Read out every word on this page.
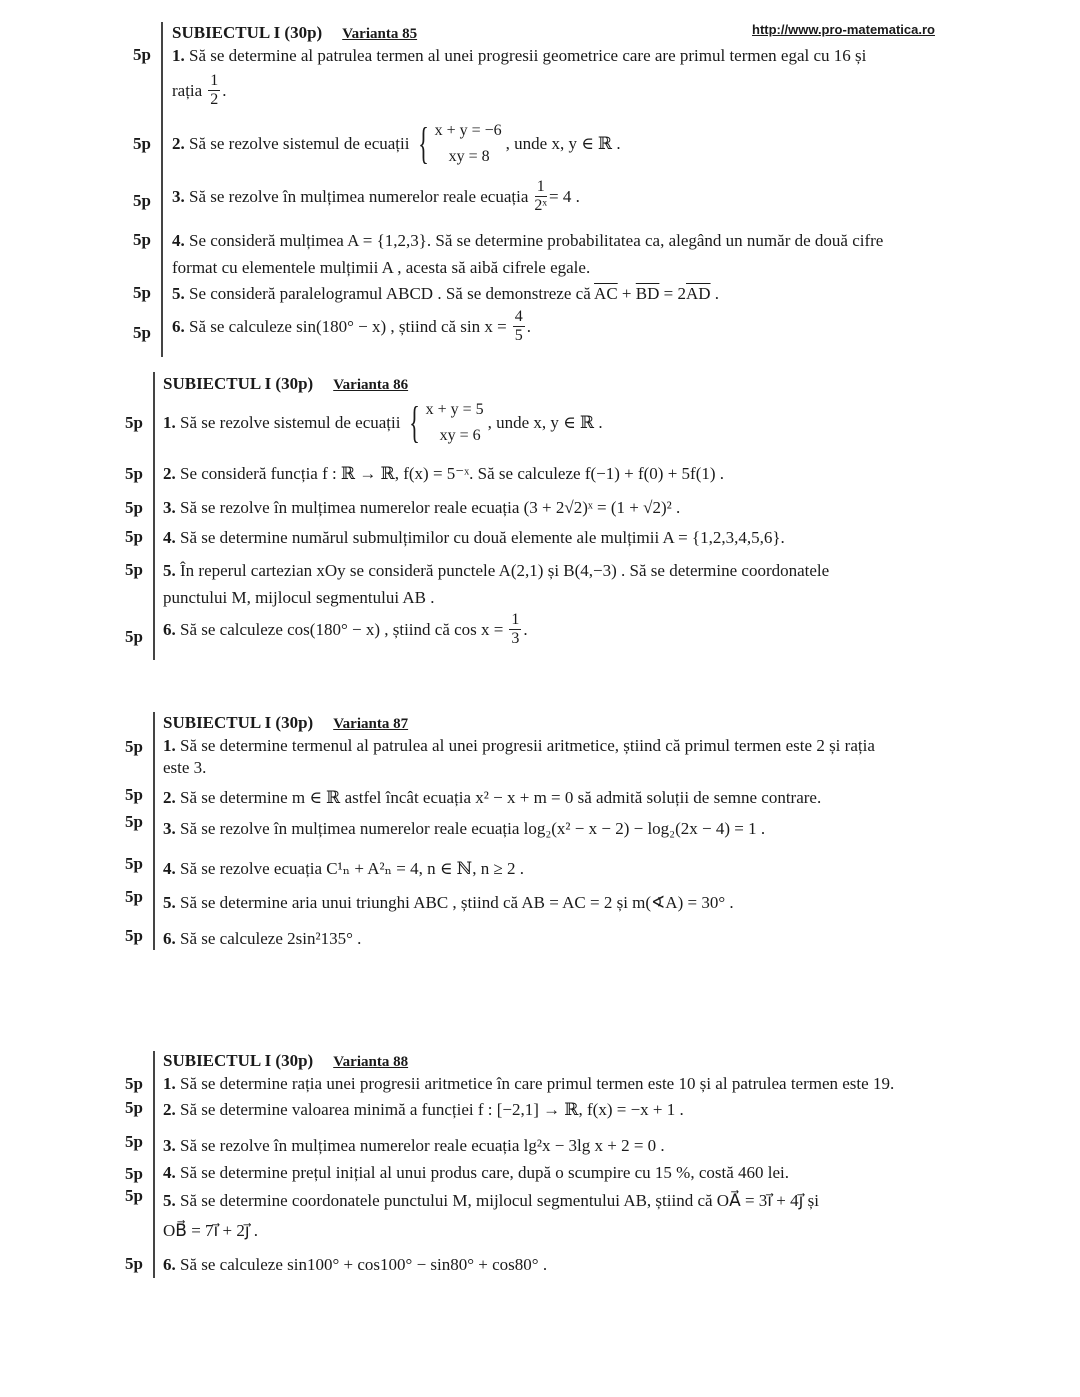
http://www.pro-matematica.ro
SUBIECTUL I (30p) Varianta 85
5p 1. Să se determine al patrulea termen al unei progresii geometrice care are primul termen egal cu 16 și
rația $\frac{1}{2}$ .
5p 2.
Să se rezolve sistemul de ecuații { x + y = −6
xy = 8
, unde x, y ∈ ℝ .
5p 3.
Să se rezolve în mulțimea numerelor reale ecuația $\frac{1}{\text{2ˣ}} = 4$ .
5p 4. Se consideră mulțimea A = {1,2,3}. Să se determine probabilitatea ca, alegând un număr de două cifre
format cu elementele mulțimii A , acesta să aibă cifrele egale.
5p 5. Se consideră paralelogramul ABCD . Să se demonstreze că $\overline{AC} + \overline{BD} = 2\overline{AD}$ .
5p 6.
Să se calculeze sin(180° − x) , știind că $\sin x = \frac{4}{5}$ .
SUBIECTUL I (30p) Varianta 86
5p 1.
Să se rezolve sistemul de ecuații { x + y = 5
xy = 6
, unde x, y ∈ ℝ .
5p 2. Se consideră funcția f : ℝ → ℝ, f(x) = 5⁻ˣ. Să se calculeze f(−1) + f(0) + 5f(1) .
5p 3. Să se rezolve în mulțimea numerelor reale ecuația (3 + 2√2)ˣ = (1 + √2)² .
5p 4. Să se determine numărul submulțimilor cu două elemente ale mulțimii A = {1,2,3,4,5,6}.
5p 5. În reperul cartezian xOy se consideră punctele A(2,1) și B(4,−3) . Să se determine coordonatele
punctului M, mijlocul segmentului AB .
5p 6.
Să se calculeze cos(180° − x) , știind că $\cos x = \frac{1}{3}$ .
SUBIECTUL I (30p) Varianta 87
5p 1. Să se determine termenul al patrulea al unei progresii aritmetice, știind că primul termen este 2 și rația
este 3.
5p 2. Să se determine m ∈ ℝ astfel încât ecuația x² − x + m = 0 să admită soluții de semne contrare.
5p 3. Să se rezolve în mulțimea numerelor reale ecuația log₂(x² − x − 2) − log₂(2x − 4) = 1 .
5p 4. Să se rezolve ecuația C¹ₙ + A²ₙ = 4, n ∈ ℕ, n ≥ 2 .
5p 5. Să se determine aria unui triunghi ABC , știind că AB = AC = 2 și m(∢A) = 30° .
5p 6. Să se calculeze 2sin²135° .
SUBIECTUL I (30p) Varianta 88
5p 1. Să se determine rația unei progresii aritmetice în care primul termen este 10 și al patrulea termen este 19.
5p 2. Să se determine valoarea minimă a funcției f : [−2,1] → ℝ, f(x) = −x + 1 .
5p 3. Să se rezolve în mulțimea numerelor reale ecuația lg²x − 3lg x + 2 = 0 .
5p 4. Să se determine prețul inițial al unui produs care, după o scumpire cu 15 %, costă 460 lei.
5p 5. Să se determine coordonatele punctului M, mijlocul segmentului AB, știind că OA⃗ = 3i⃗ + 4j⃗ și
OB⃗ = 7i⃗ + 2j⃗ .
5p 6. Să se calculeze sin100° + cos100° − sin80° + cos80° .
